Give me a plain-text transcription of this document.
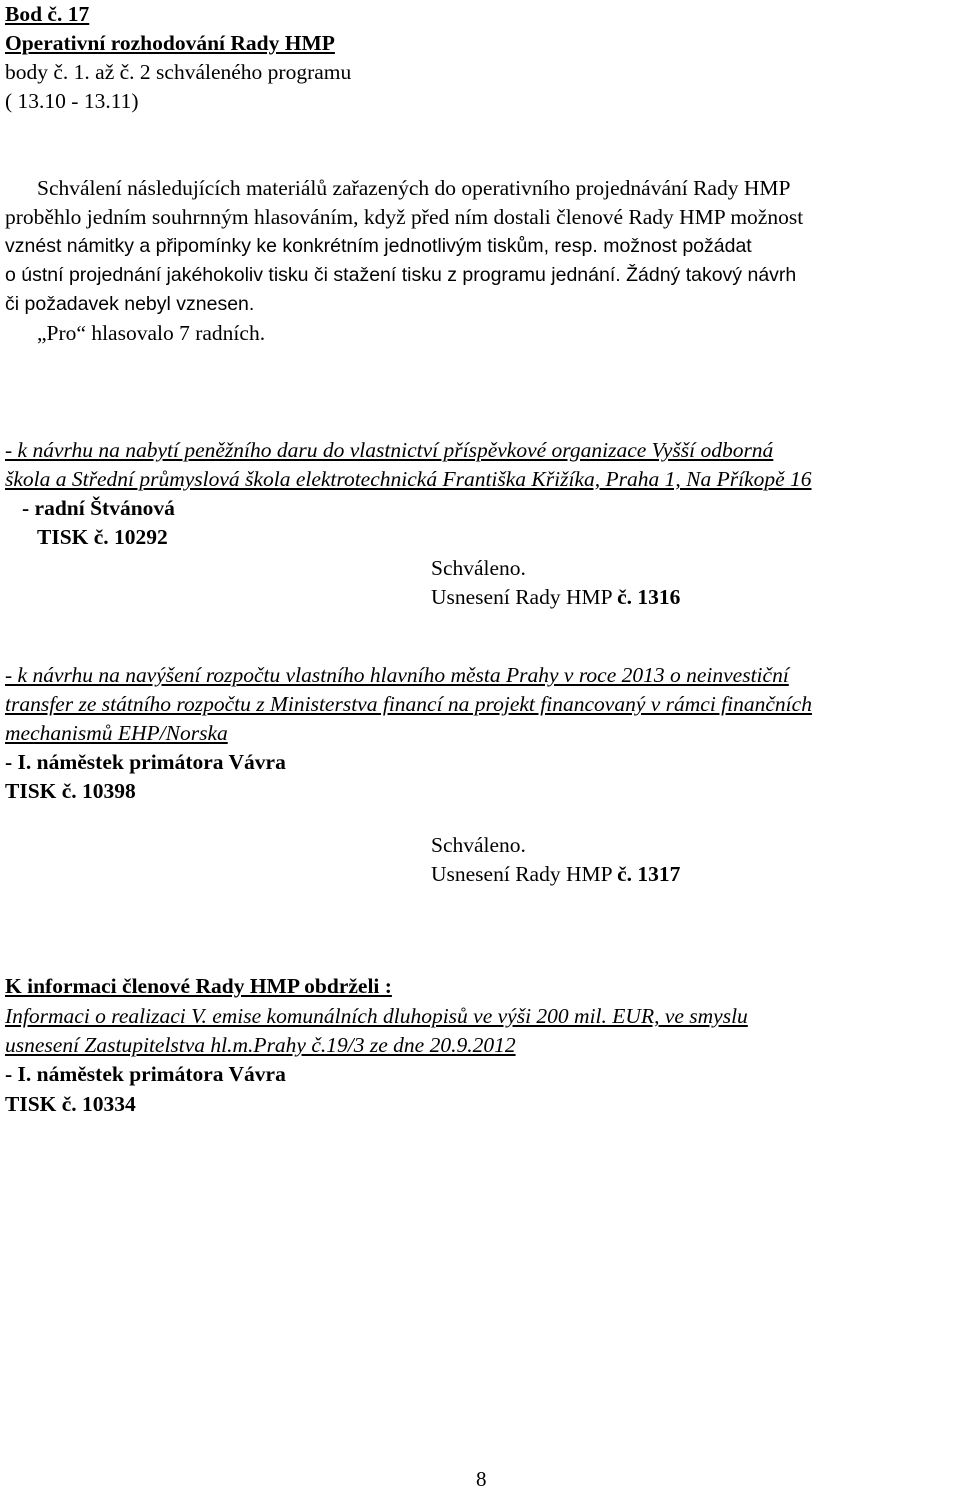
Bod č. 17
Operativní rozhodování Rady HMP
body č. 1. až č. 2 schváleného programu
( 13.10 - 13.11)
Schválení následujících materiálů zařazených do operativního projednávání Rady HMP
proběhlo jedním souhrnným hlasováním, když před ním dostali členové Rady HMP možnost
vznést námitky a připomínky ke konkrétním jednotlivým tiskům, resp. možnost požádat
o ústní projednání jakéhokoliv tisku či stažení tisku z programu jednání. Žádný takový návrh
či požadavek nebyl vznesen.
„Pro“ hlasovalo 7 radních.
- k návrhu na nabytí peněžního daru do vlastnictví příspěvkové organizace Vyšší odborná
škola a Střední průmyslová škola elektrotechnická Františka Křižíka, Praha 1, Na Příkopě 16
- radní Štvánová
TISK č. 10292
Schváleno.
Usnesení Rady HMP č. 1316
- k návrhu na navýšení rozpočtu vlastního hlavního města Prahy v roce 2013 o neinvestiční
transfer ze státního rozpočtu z Ministerstva financí na projekt financovaný v rámci finančních
mechanismů EHP/Norska
- I. náměstek primátora Vávra
TISK č. 10398
Schváleno.
Usnesení Rady HMP č. 1317
K informaci členové Rady HMP obdrželi :
Informaci o realizaci V. emise komunálních dluhopisů ve výši 200 mil. EUR, ve smyslu
usnesení Zastupitelstva hl.m.Prahy č.19/3 ze dne 20.9.2012
- I. náměstek primátora Vávra
TISK č. 10334
8
